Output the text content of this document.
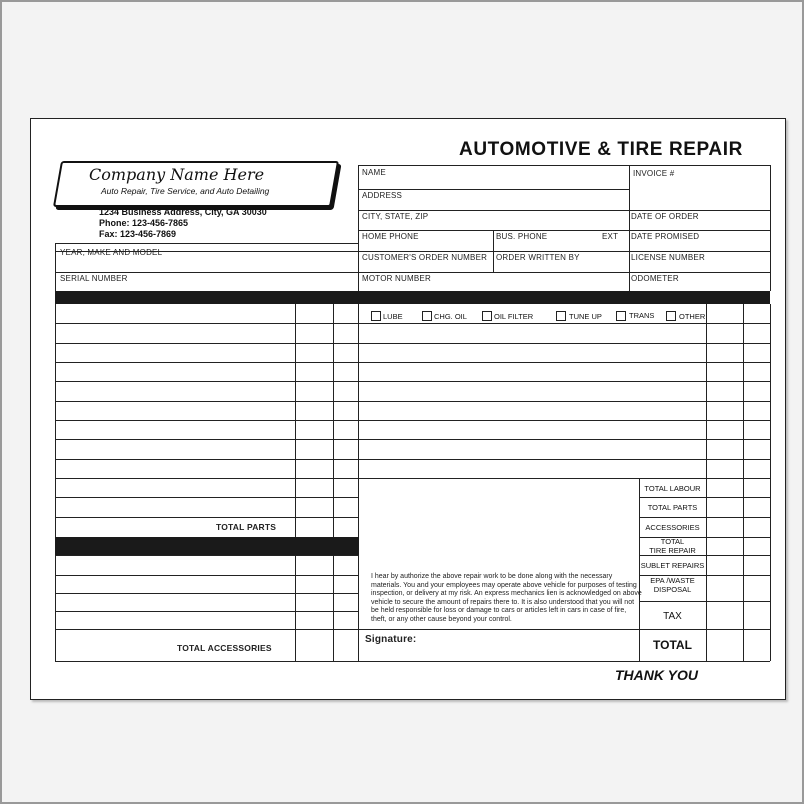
AUTOMOTIVE & TIRE REPAIR
Company Name Here
Auto Repair, Tire Service, and Auto Detailing
1234 Business Address, City, GA 30030
Phone: 123-456-7865
Fax: 123-456-7869
NAME
ADDRESS
CITY, STATE, ZIP
HOME PHONE	BUS. PHONE	EXT
CUSTOMER'S ORDER NUMBER ORDER WRITTEN BY
MOTOR NUMBER
INVOICE #
DATE OF ORDER
DATE PROMISED
LICENSE NUMBER
ODOMETER
YEAR, MAKE AND MODEL
SERIAL NUMBER
TOTAL PARTS
TOTAL ACCESSORIES
LUBE	CHG. OIL	OIL FILTER	TUNE UP	TRANS	OTHER
TOTAL LABOUR
TOTAL PARTS
ACCESSORIES
TOTAL
TIRE REPAIR
SUBLET REPAIRS
EPA /WASTE
DISPOSAL
TAX
TOTAL
I hear by authorize the above repair work to be done along with the necessary materials. You and your employees may operate above vehicle for purposes of testing inspection, or delivery at my risk. An express mechanics lien is acknowledged on above vehicle to secure the amount of repairs there to. It is also understood that you will not be held responsible for loss or damage to cars or articles left in cars in case of fire, theft, or any other cause beyond your control.
Signature:
THANK YOU
